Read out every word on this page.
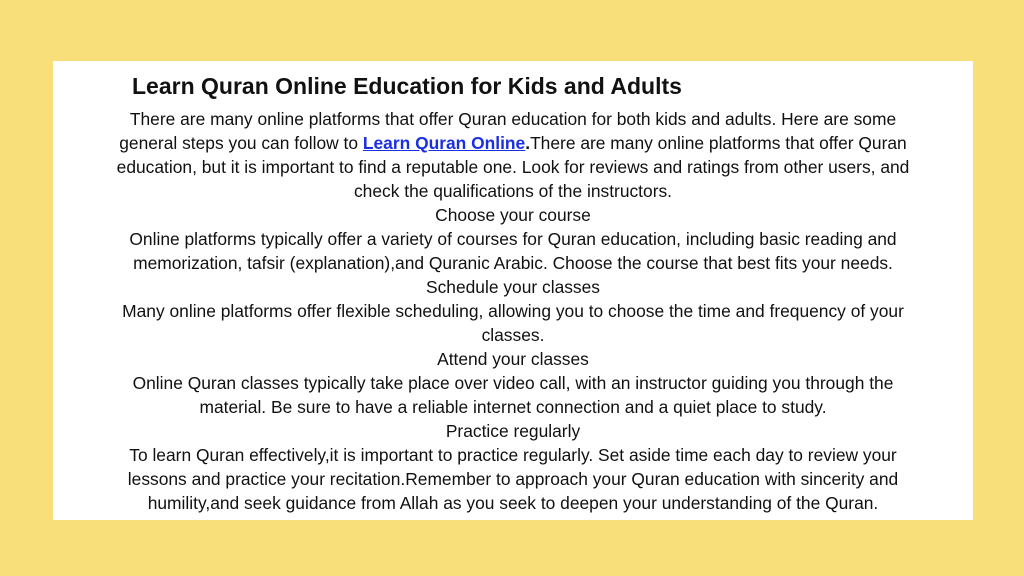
Learn Quran Online Education for Kids and Adults
There are many online platforms that offer Quran education for both kids and adults. Here are some
general steps you can follow to Learn Quran Online.There are many online platforms that offer Quran
education, but it is important to find a reputable one. Look for reviews and ratings from other users, and
check the qualifications of the instructors.
Choose your course
Online platforms typically offer a variety of courses for Quran education, including basic reading and
memorization, tafsir (explanation),and Quranic Arabic. Choose the course that best fits your needs.
Schedule your classes
Many online platforms offer flexible scheduling, allowing you to choose the time and frequency of your
classes.
Attend your classes
Online Quran classes typically take place over video call, with an instructor guiding you through the
material. Be sure to have a reliable internet connection and a quiet place to study.
Practice regularly
To learn Quran effectively,it is important to practice regularly. Set aside time each day to review your
lessons and practice your recitation.Remember to approach your Quran education with sincerity and
humility,and seek guidance from Allah as you seek to deepen your understanding of the Quran.
